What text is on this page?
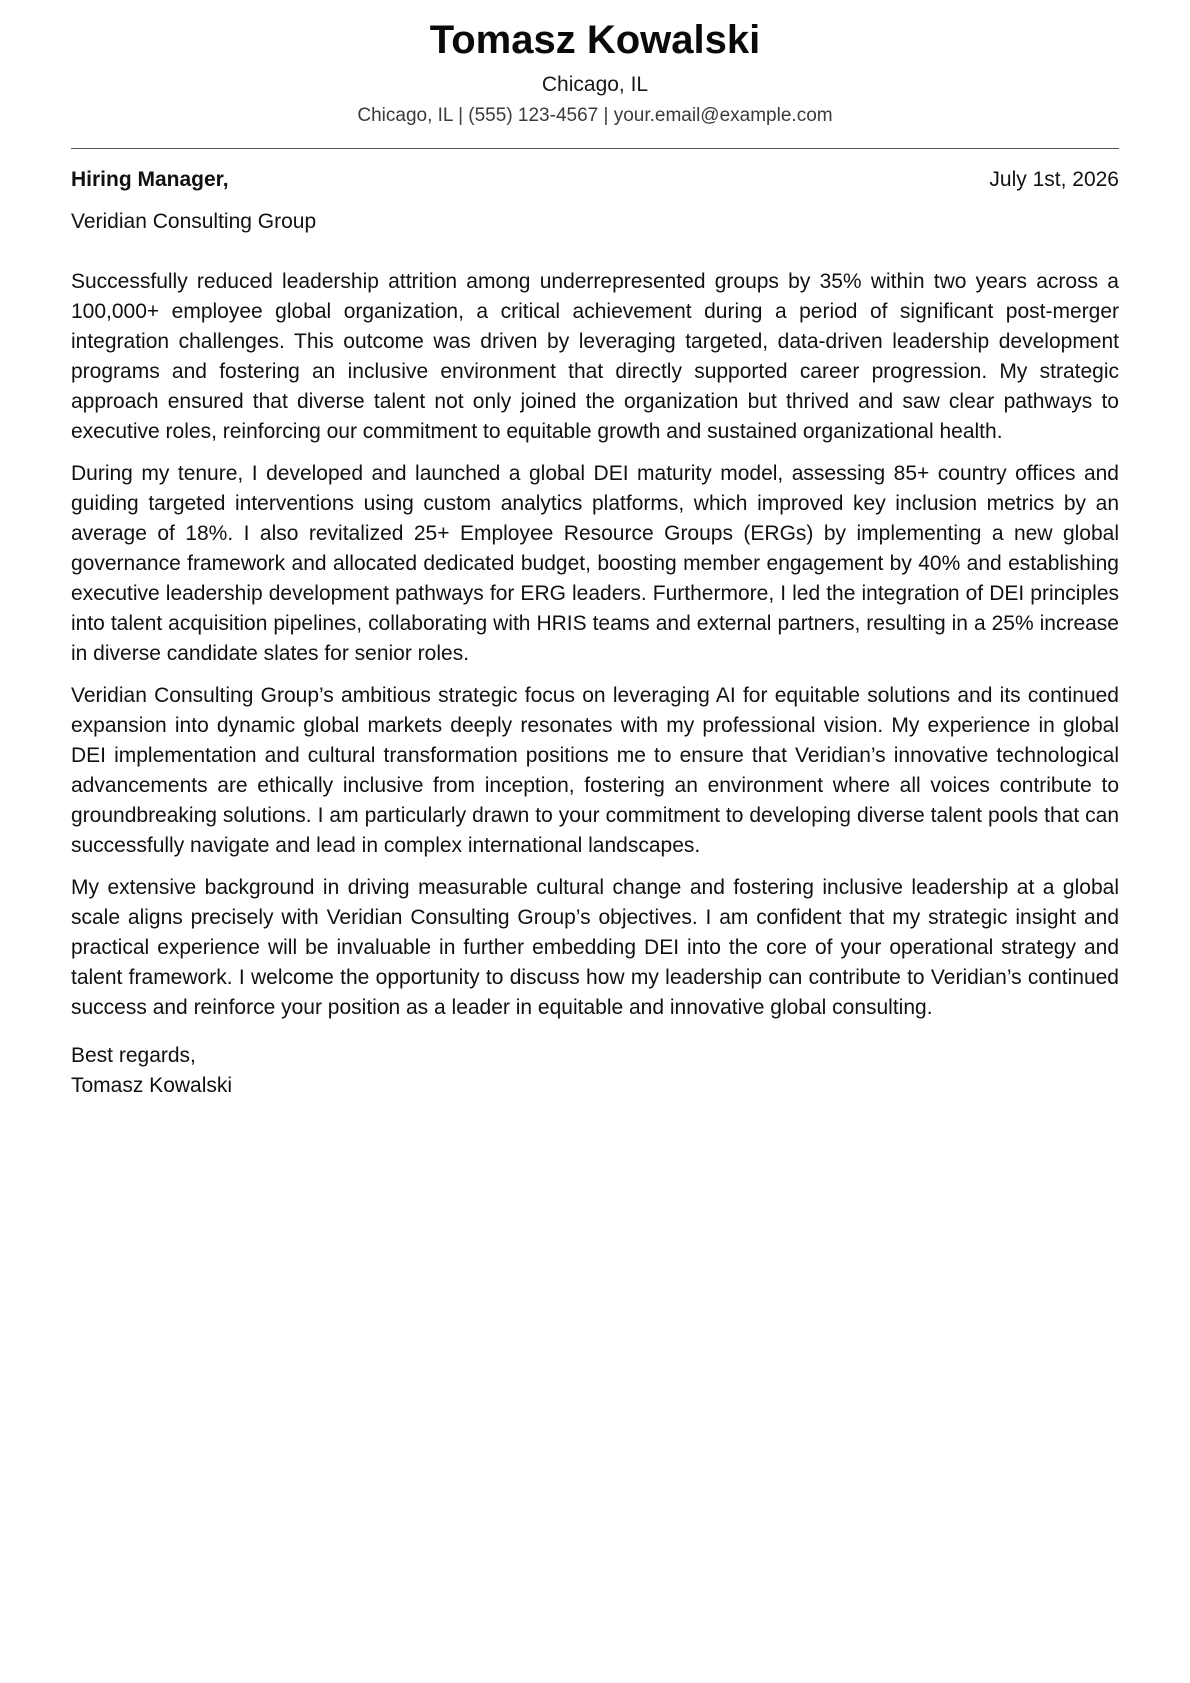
Tomasz Kowalski
Chicago, IL
Chicago, IL | (555) 123-4567 | your.email@example.com
Hiring Manager,	July 1st, 2026
Veridian Consulting Group

Successfully reduced leadership attrition among underrepresented groups by 35% within two years across a 100,000+ employee global organization, a critical achievement during a period of significant post-merger integration challenges. This outcome was driven by leveraging targeted, data-driven leadership development programs and fostering an inclusive environment that directly supported career progression. My strategic approach ensured that diverse talent not only joined the organization but thrived and saw clear pathways to executive roles, reinforcing our commitment to equitable growth and sustained organizational health.

During my tenure, I developed and launched a global DEI maturity model, assessing 85+ country offices and guiding targeted interventions using custom analytics platforms, which improved key inclusion metrics by an average of 18%. I also revitalized 25+ Employee Resource Groups (ERGs) by implementing a new global governance framework and allocated dedicated budget, boosting member engagement by 40% and establishing executive leadership development pathways for ERG leaders. Furthermore, I led the integration of DEI principles into talent acquisition pipelines, collaborating with HRIS teams and external partners, resulting in a 25% increase in diverse candidate slates for senior roles.

Veridian Consulting Group’s ambitious strategic focus on leveraging AI for equitable solutions and its continued expansion into dynamic global markets deeply resonates with my professional vision. My experience in global DEI implementation and cultural transformation positions me to ensure that Veridian’s innovative technological advancements are ethically inclusive from inception, fostering an environment where all voices contribute to groundbreaking solutions. I am particularly drawn to your commitment to developing diverse talent pools that can successfully navigate and lead in complex international landscapes.

My extensive background in driving measurable cultural change and fostering inclusive leadership at a global scale aligns precisely with Veridian Consulting Group’s objectives. I am confident that my strategic insight and practical experience will be invaluable in further embedding DEI into the core of your operational strategy and talent framework. I welcome the opportunity to discuss how my leadership can contribute to Veridian’s continued success and reinforce your position as a leader in equitable and innovative global consulting.

Best regards,
Tomasz Kowalski
